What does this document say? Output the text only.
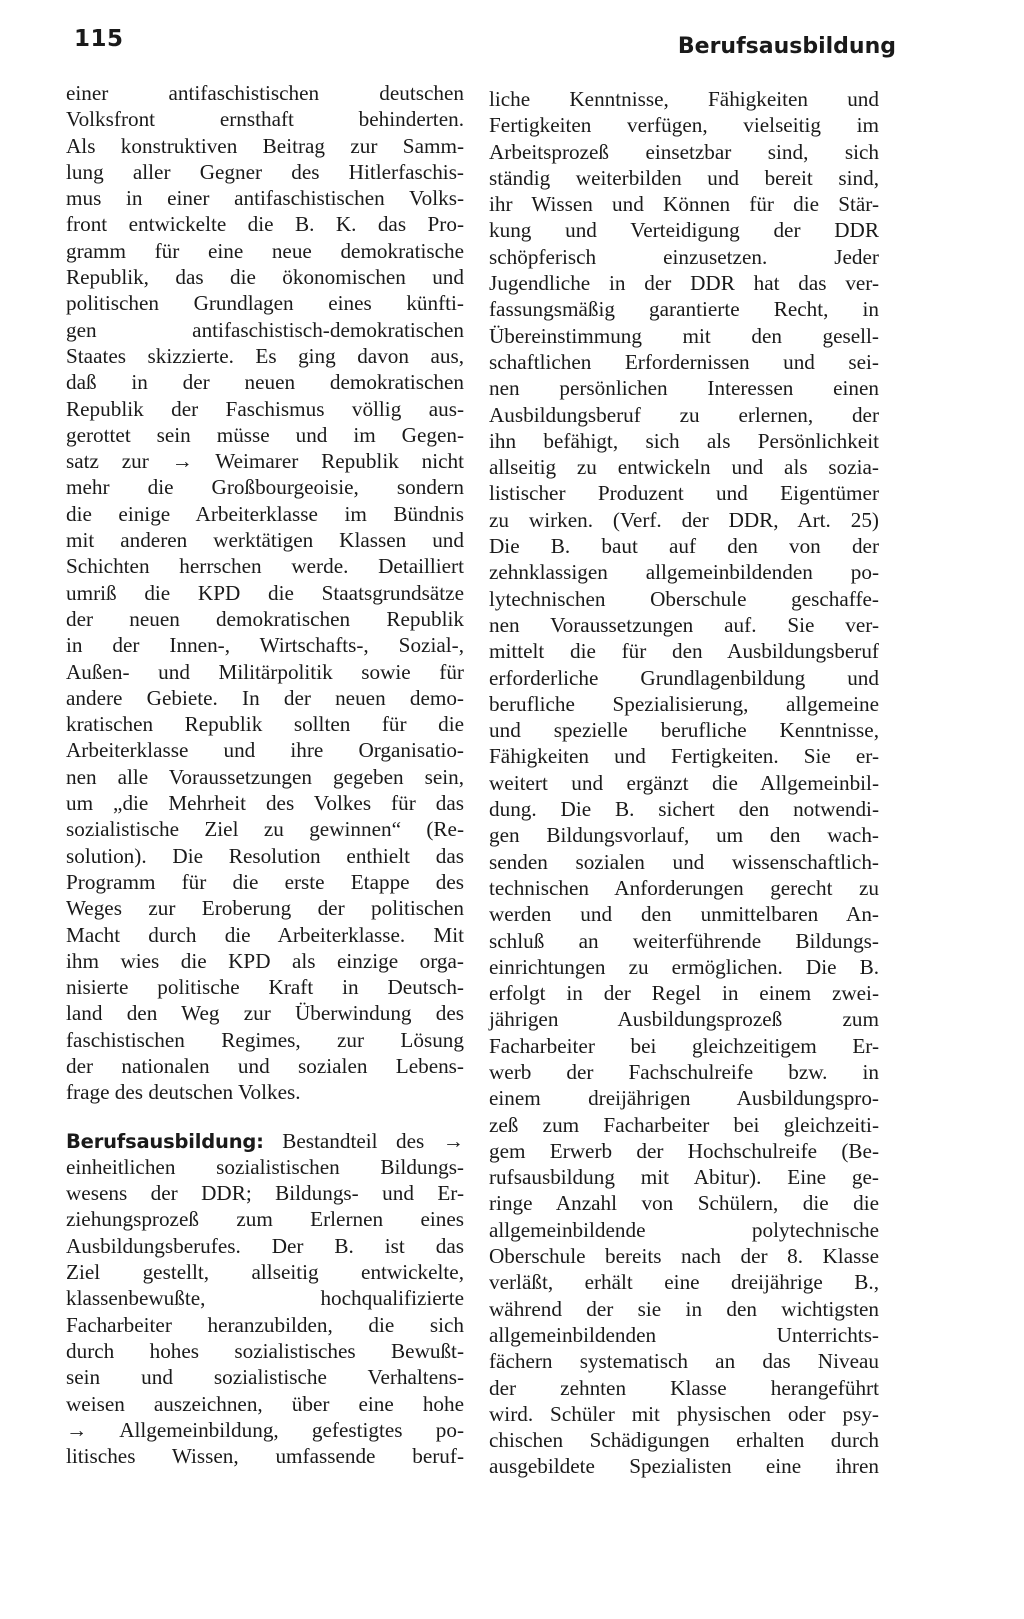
115	Berufsausbildung
einer antifaschistischen deutschen
Volksfront ernsthaft behinderten.
Als konstruktiven Beitrag zur Samm-
lung aller Gegner des Hitlerfaschis-
mus in einer antifaschistischen Volks-
front entwickelte die B. K. das Pro-
gramm für eine neue demokratische
Republik, das die ökonomischen und
politischen Grundlagen eines künfti-
gen antifaschistisch-demokratischen
Staates skizzierte. Es ging davon aus,
daß in der neuen demokratischen
Republik der Faschismus völlig aus-
gerottet sein müsse und im Gegen-
satz zur → Weimarer Republik nicht
mehr die Großbourgeoisie, sondern
die einige Arbeiterklasse im Bündnis
mit anderen werktätigen Klassen und
Schichten herrschen werde. Detailliert
umriß die KPD die Staatsgrundsätze
der neuen demokratischen Republik
in der Innen-, Wirtschafts-, Sozial-,
Außen- und Militärpolitik sowie für
andere Gebiete. In der neuen demo-
kratischen Republik sollten für die
Arbeiterklasse und ihre Organisatio-
nen alle Voraussetzungen gegeben sein,
um „die Mehrheit des Volkes für das
sozialistische Ziel zu gewinnen“ (Re-
solution). Die Resolution enthielt das
Programm für die erste Etappe des
Weges zur Eroberung der politischen
Macht durch die Arbeiterklasse. Mit
ihm wies die KPD als einzige orga-
nisierte politische Kraft in Deutsch-
land den Weg zur Überwindung des
faschistischen Regimes, zur Lösung
der nationalen und sozialen Lebens-
frage des deutschen Volkes.
Berufsausbildung: Bestandteil des →
einheitlichen sozialistischen Bildungs-
wesens der DDR; Bildungs- und Er-
ziehungsprozeß zum Erlernen eines
Ausbildungsberufes. Der B. ist das
Ziel gestellt, allseitig entwickelte,
klassenbewußte, hochqualifizierte
Facharbeiter heranzubilden, die sich
durch hohes sozialistisches Bewußt-
sein und sozialistische Verhaltens-
weisen auszeichnen, über eine hohe
→ Allgemeinbildung, gefestigtes po-
litisches Wissen, umfassende beruf-
liche Kenntnisse, Fähigkeiten und
Fertigkeiten verfügen, vielseitig im
Arbeitsprozeß einsetzbar sind, sich
ständig weiterbilden und bereit sind,
ihr Wissen und Können für die Stär-
kung und Verteidigung der DDR
schöpferisch einzusetzen. Jeder
Jugendliche in der DDR hat das ver-
fassungsmäßig garantierte Recht, in
Übereinstimmung mit den gesell-
schaftlichen Erfordernissen und sei-
nen persönlichen Interessen einen
Ausbildungsberuf zu erlernen, der
ihn befähigt, sich als Persönlichkeit
allseitig zu entwickeln und als sozia-
listischer Produzent und Eigentümer
zu wirken. (Verf. der DDR, Art. 25)
Die B. baut auf den von der
zehnklassigen allgemeinbildenden po-
lytechnischen Oberschule geschaffe-
nen Voraussetzungen auf. Sie ver-
mittelt die für den Ausbildungsberuf
erforderliche Grundlagenbildung und
berufliche Spezialisierung, allgemeine
und spezielle berufliche Kenntnisse,
Fähigkeiten und Fertigkeiten. Sie er-
weitert und ergänzt die Allgemeinbil-
dung. Die B. sichert den notwendi-
gen Bildungsvorlauf, um den wach-
senden sozialen und wissenschaftlich-
technischen Anforderungen gerecht zu
werden und den unmittelbaren An-
schluß an weiterführende Bildungs-
einrichtungen zu ermöglichen. Die B.
erfolgt in der Regel in einem zwei-
jährigen Ausbildungsprozeß zum
Facharbeiter bei gleichzeitigem Er-
werb der Fachschulreife bzw. in
einem dreijährigen Ausbildungspro-
zeß zum Facharbeiter bei gleichzeiti-
gem Erwerb der Hochschulreife (Be-
rufsausbildung mit Abitur). Eine ge-
ringe Anzahl von Schülern, die die
allgemeinbildende polytechnische
Oberschule bereits nach der 8. Klasse
verläßt, erhält eine dreijährige B.,
während der sie in den wichtigsten
allgemeinbildenden Unterrichts-
fächern systematisch an das Niveau
der zehnten Klasse herangeführt
wird. Schüler mit physischen oder psy-
chischen Schädigungen erhalten durch
ausgebildete Spezialisten eine ihren
